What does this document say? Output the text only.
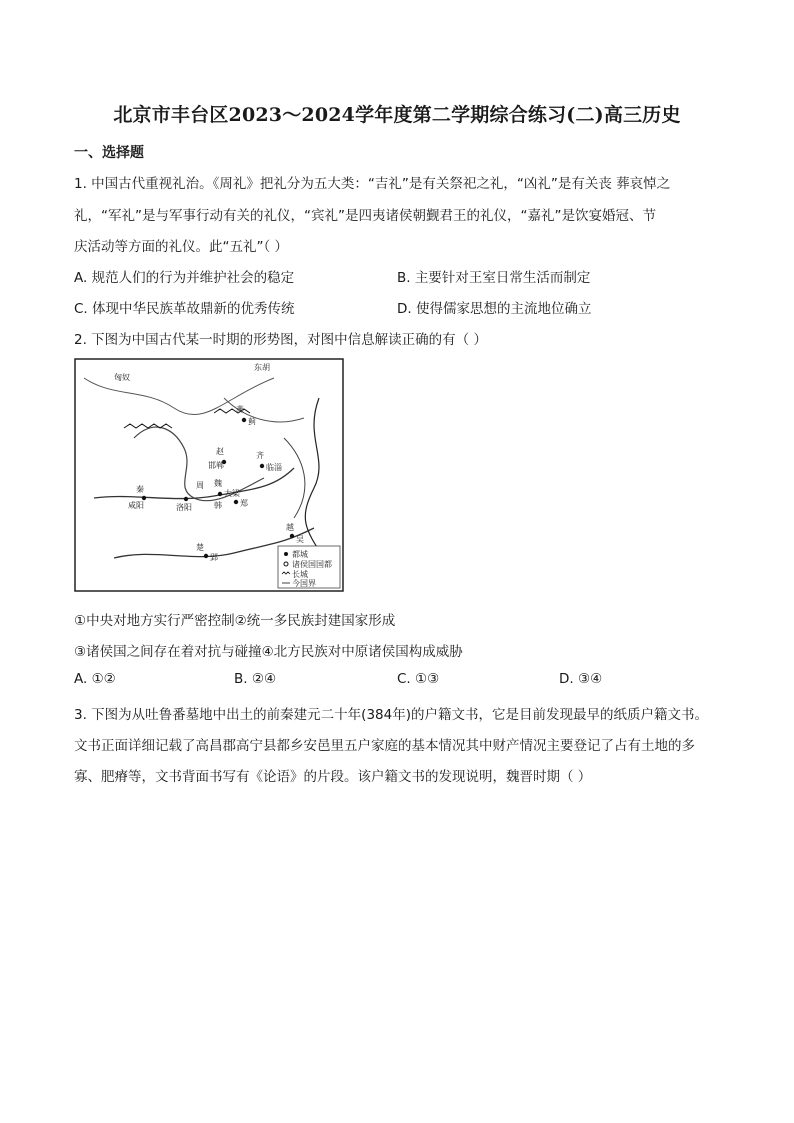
北京市丰台区2023～2024学年度第二学期综合练习(二)高三历史
一、选择题
1. 中国古代重视礼治。《周礼》把礼分为五大类：“吉礼”是有关祭祀之礼，“凶礼”是有关丧 葬哀悼之
礼，“军礼”是与军事行动有关的礼仪，“宾礼”是四夷诸侯朝觐君王的礼仪，“嘉礼”是饮宴婚冠、节
庆活动等方面的礼仪。此“五礼”（ ）
A. 规范人们的行为并维护社会的稳定	B. 主要针对王室日常生活而制定
C. 体现中华民族革故鼎新的优秀传统	D. 使得儒家思想的主流地位确立
2. 下图为中国古代某一时期的形势图，对图中信息解读正确的有（ ）
匈奴
东胡
燕
蓟
赵
邯郸
齐
临淄
周 魏
大梁
韩 郑
秦
咸阳	洛阳
越
吴
楚
郢	都城
诸侯国国都
长城
今国界
①中央对地方实行严密控制②统一多民族封建国家形成
③诸侯国之间存在着对抗与碰撞④北方民族对中原诸侯国构成威胁
A. ①②	B. ②④	C. ①③	D. ③④
3. 下图为从吐鲁番墓地中出土的前秦建元二十年(384年)的户籍文书，它是目前发现最早的纸质户籍文书。
文书正面详细记载了高昌郡高宁县都乡安邑里五户家庭的基本情况其中财产情况主要登记了占有土地的多
寡、肥瘠等，文书背面书写有《论语》的片段。该户籍文书的发现说明，魏晋时期（ ）
